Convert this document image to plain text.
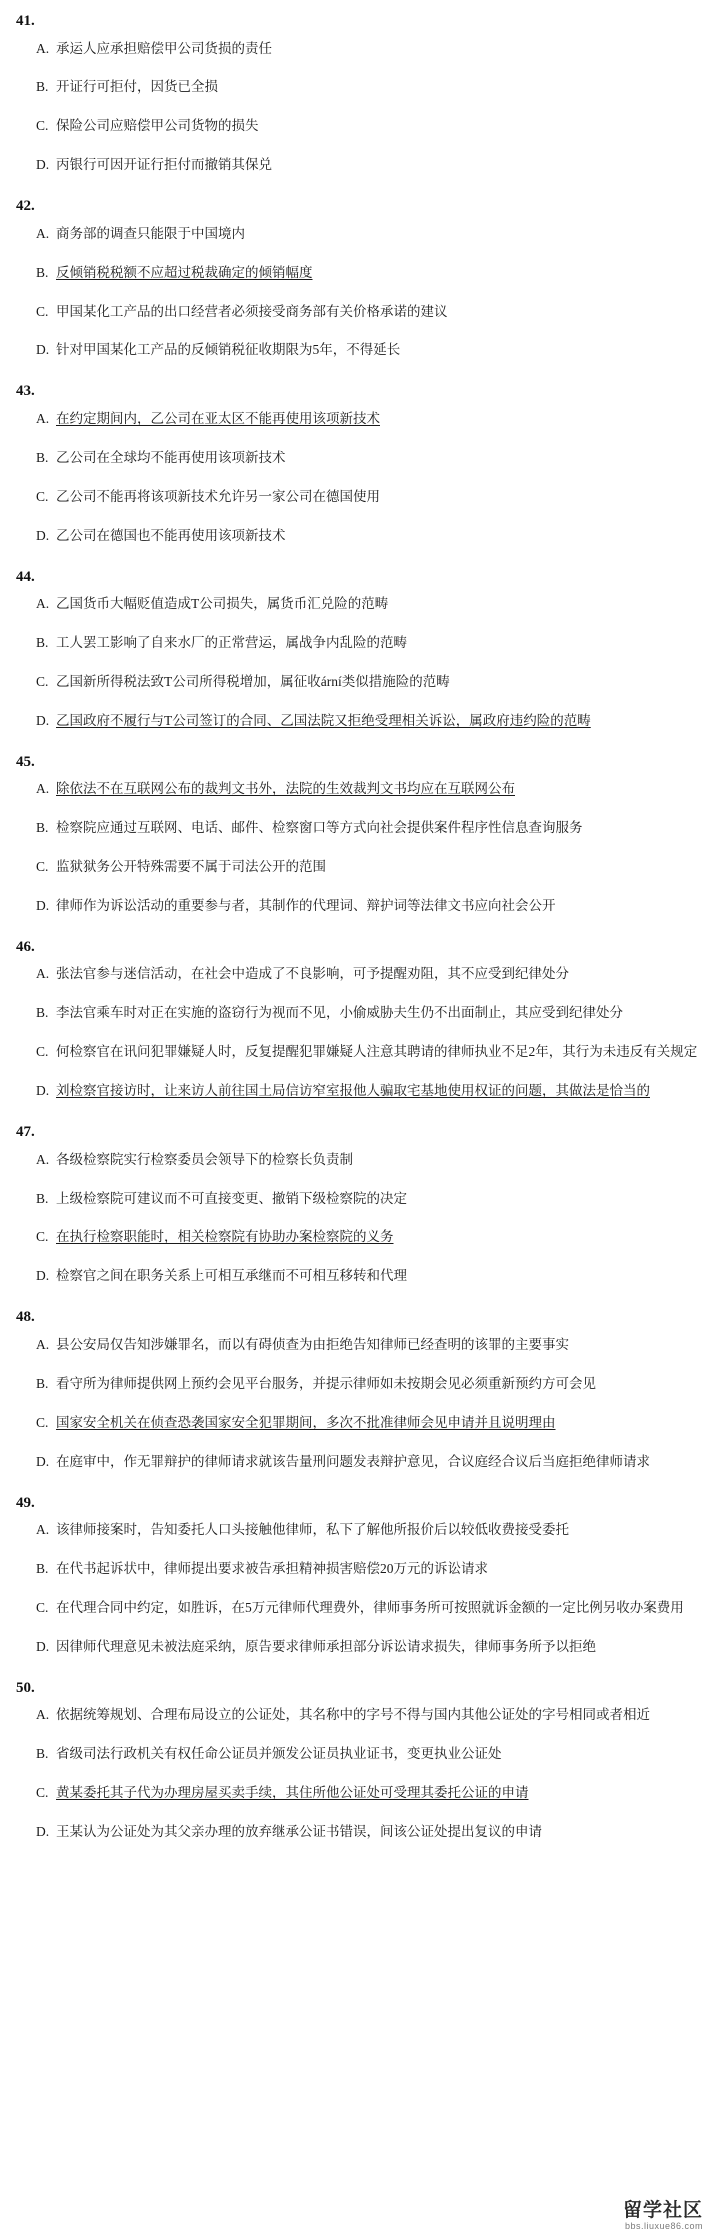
41.
A. 承运人应承担赔偿甲公司货损的责任
B. 开证行可拒付，因货已全损
C. 保险公司应赔偿甲公司货物的损失
D. 丙银行可因开证行拒付而撤销其保兑
42.
A. 商务部的调查只能限于中国境内
B. 反倾销税税额不应超过税裁确定的倾销幅度
C. 甲国某化工产品的出口经营者必须接受商务部有关价格承诺的建议
D. 针对甲国某化工产品的反倾销税征收期限为5年，不得延长
43.
A. 在约定期间内，乙公司在亚太区不能再使用该项新技术
B. 乙公司在全球均不能再使用该项新技术
C. 乙公司不能再将该项新技术允许另一家公司在德国使用
D. 乙公司在德国也不能再使用该项新技术
44.
A. 乙国货币大幅贬值造成T公司损失，属货币汇兑险的范畴
B. 工人罢工影响了自来水厂的正常营运，属战争内乱险的范畴
C. 乙国新所得税法致T公司所得税增加，属征收ární类似措施险的范畴
D. 乙国政府不履行与T公司签订的合同、乙国法院又拒绝受理相关诉讼，属政府违约险的范畴
45.
A. 除依法不在互联网公布的裁判文书外，法院的生效裁判文书均应在互联网公布
B. 检察院应通过互联网、电话、邮件、检察窗口等方式向社会提供案件程序性信息查询服务
C. 监狱狱务公开特殊需要不属于司法公开的范围
D. 律师作为诉讼活动的重要参与者，其制作的代理词、辩护词等法律文书应向社会公开
46.
A. 张法官参与迷信活动，在社会中造成了不良影响，可予提醒劝阻，其不应受到纪律处分
B. 李法官乘车时对正在实施的盗窃行为视而不见，小偷威胁夫生仍不出面制止，其应受到纪律处分
C. 何检察官在讯问犯罪嫌疑人时，反复提醒犯罪嫌疑人注意其聘请的律师执业不足2年，其行为未违反有关规定
D. 刘检察官接访时，让来访人前往国土局信访窄室报他人骗取宅基地使用权证的问题，其做法是恰当的
47.
A. 各级检察院实行检察委员会领导下的检察长负责制
B. 上级检察院可建议而不可直接变更、撤销下级检察院的决定
C. 在执行检察职能时，相关检察院有协助办案检察院的义务
D. 检察官之间在职务关系上可相互承继而不可相互移转和代理
48.
A. 县公安局仅告知涉嫌罪名，而以有碍侦查为由拒绝告知律师已经查明的该罪的主要事实
B. 看守所为律师提供网上预约会见平台服务，并提示律师如未按期会见必须重新预约方可会见
C. 国家安全机关在侦查恐袭国家安全犯罪期间，多次不批准律师会见申请并且说明理由
D. 在庭审中，作无罪辩护的律师请求就该告量刑问题发表辩护意见，合议庭经合议后当庭拒绝律师请求
49.
A. 该律师接案时，告知委托人口头接触他律师，私下了解他所报价后以较低收费接受委托
B. 在代书起诉状中，律师提出要求被告承担精神损害赔偿20万元的诉讼请求
C. 在代理合同中约定，如胜诉，在5万元律师代理费外，律师事务所可按照就诉金额的一定比例另收办案费用
D. 因律师代理意见未被法庭采纳，原告要求律师承担部分诉讼请求损失，律师事务所予以拒绝
50.
A. 依据统筹规划、合理布局设立的公证处，其名称中的字号不得与国内其他公证处的字号相同或者相近
B. 省级司法行政机关有权任命公证员并颁发公证员执业证书，变更执业公证处
C. 黄某委托其子代为办理房屋买卖手续，其住所他公证处可受理其委托公证的申请
D. 王某认为公证处为其父亲办理的放弃继承公证书错误，间该公证处提出复议的申请
留学社区
bbs.liuxue86.com
